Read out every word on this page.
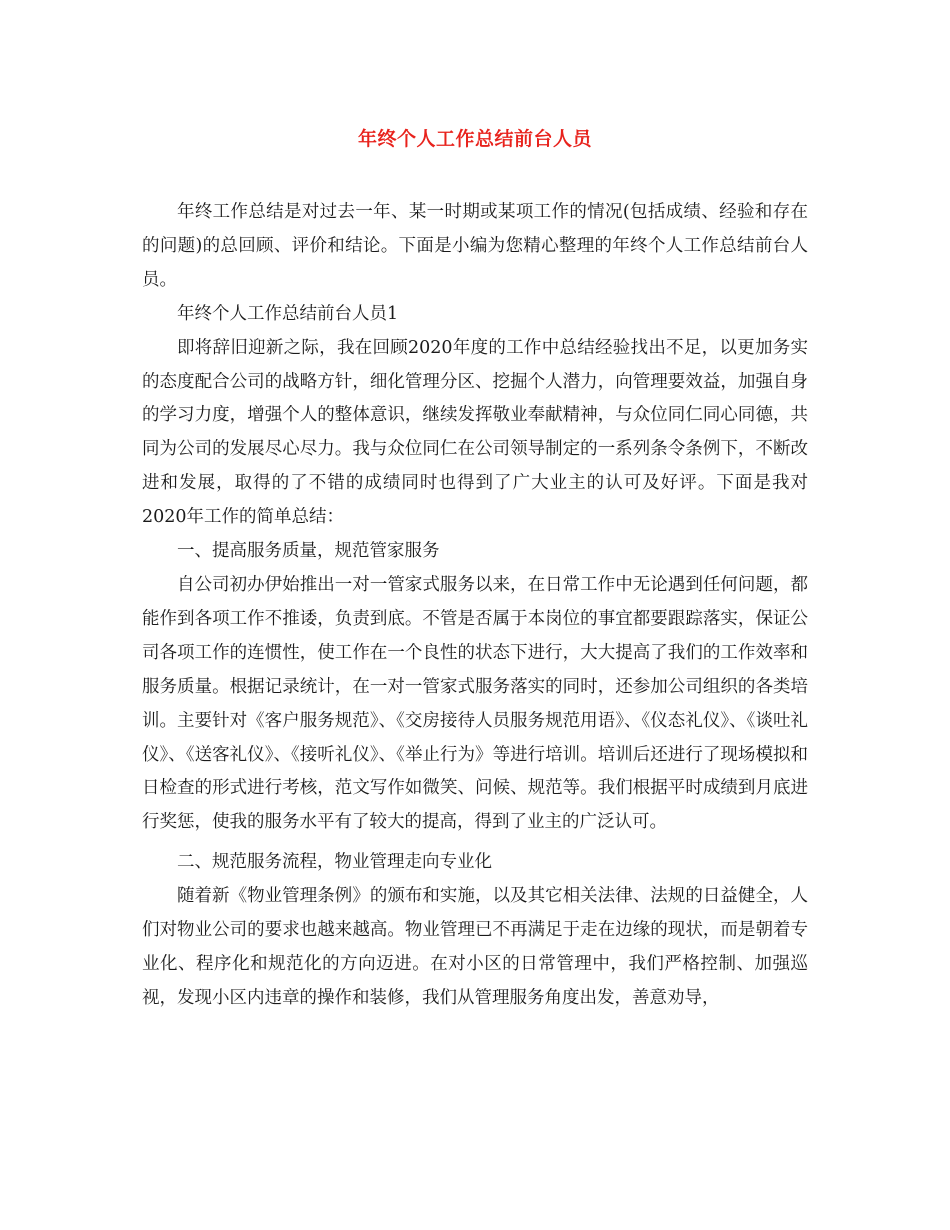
年终个人工作总结前台人员

年终工作总结是对过去一年、某一时期或某项工作的情况(包括成绩、经验和存在的问题)的总回顾、评价和结论。下面是小编为您精心整理的年终个人工作总结前台人员。

年终个人工作总结前台人员1

即将辞旧迎新之际，我在回顾2020年度的工作中总结经验找出不足，以更加务实的态度配合公司的战略方针，细化管理分区、挖掘个人潜力，向管理要效益，加强自身的学习力度，增强个人的整体意识，继续发挥敬业奉献精神，与众位同仁同心同德，共同为公司的发展尽心尽力。我与众位同仁在公司领导制定的一系列条令条例下，不断改进和发展，取得的了不错的成绩同时也得到了广大业主的认可及好评。下面是我对2020年工作的简单总结：

一、提高服务质量，规范管家服务

自公司初办伊始推出一对一管家式服务以来，在日常工作中无论遇到任何问题，都能作到各项工作不推诿，负责到底。不管是否属于本岗位的事宜都要跟踪落实，保证公司各项工作的连惯性，使工作在一个良性的状态下进行，大大提高了我们的工作效率和服务质量。根据记录统计，在一对一管家式服务落实的同时，还参加公司组织的各类培训。主要针对《客户服务规范》、《交房接待人员服务规范用语》、《仪态礼仪》、《谈吐礼仪》、《送客礼仪》、《接听礼仪》、《举止行为》等进行培训。培训后还进行了现场模拟和日检查的形式进行考核，范文写作如微笑、问候、规范等。我们根据平时成绩到月底进行奖惩，使我的服务水平有了较大的提高，得到了业主的广泛认可。

二、规范服务流程，物业管理走向专业化

随着新《物业管理条例》的颁布和实施，以及其它相关法律、法规的日益健全，人们对物业公司的要求也越来越高。物业管理已不再满足于走在边缘的现状，而是朝着专业化、程序化和规范化的方向迈进。在对小区的日常管理中，我们严格控制、加强巡视，发现小区内违章的操作和装修，我们从管理服务角度出发，善意劝导，
